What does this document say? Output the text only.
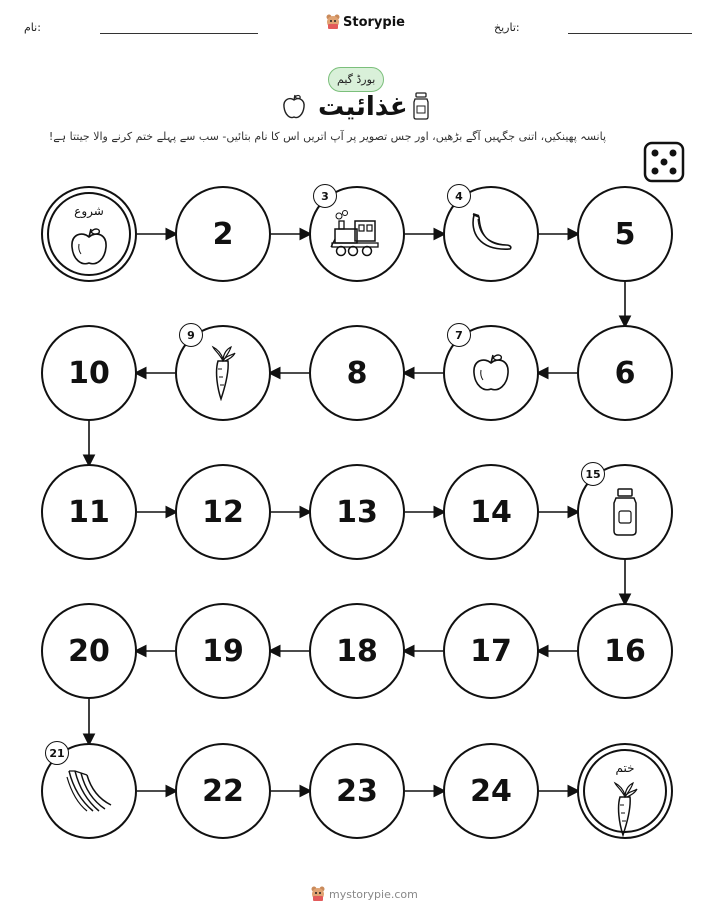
نام:	Storypie	تاریخ:
بورڈ گیم
غذائیت
پانسہ پھینکیں، اتنی جگہیں آگے بڑھیں، اور جس تصویر پر آپ اتریں اس کا نام بتائیں- سب سے پہلے ختم کرنے والا جیتتا ہے!
شروع
2
3	4
5
6
7
8
9
10
11	12	13	14
15
16
17
18
19
20
21
22	23	24
ختم
mystorypie.com
